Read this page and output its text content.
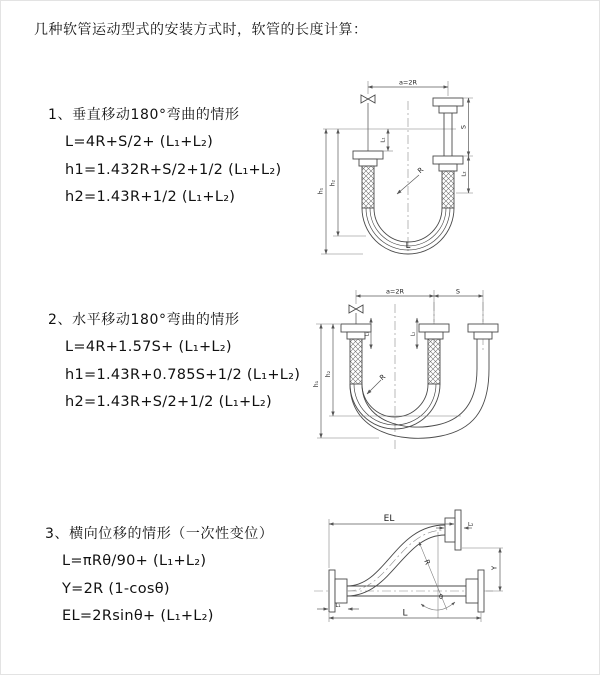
几种软管运动型式的安装方式时，软管的长度计算：
1、垂直移动180°弯曲的情形
L=4R+S/2+ (L₁+L₂)
h1=1.432R+S/2+1/2 (L₁+L₂)
h2=1.43R+1/2 (L₁+L₂)
2、水平移动180°弯曲的情形
L=4R+1.57S+ (L₁+L₂)
h1=1.43R+0.785S+1/2 (L₁+L₂)
h2=1.43R+S/2+1/2 (L₁+L₂)
3、横向位移的情形（一次性变位）
L=πRθ/90+ (L₁+L₂)
Y=2R (1-cosθ)
EL=2Rsinθ+ (L₁+L₂)
a=2R
R
h₁
h₂
L₁
S
L₂
L
a=2R	S
R
h₁
h₂
L₁	L₂
EL
L₂
Y
R
θ
L
L₁
